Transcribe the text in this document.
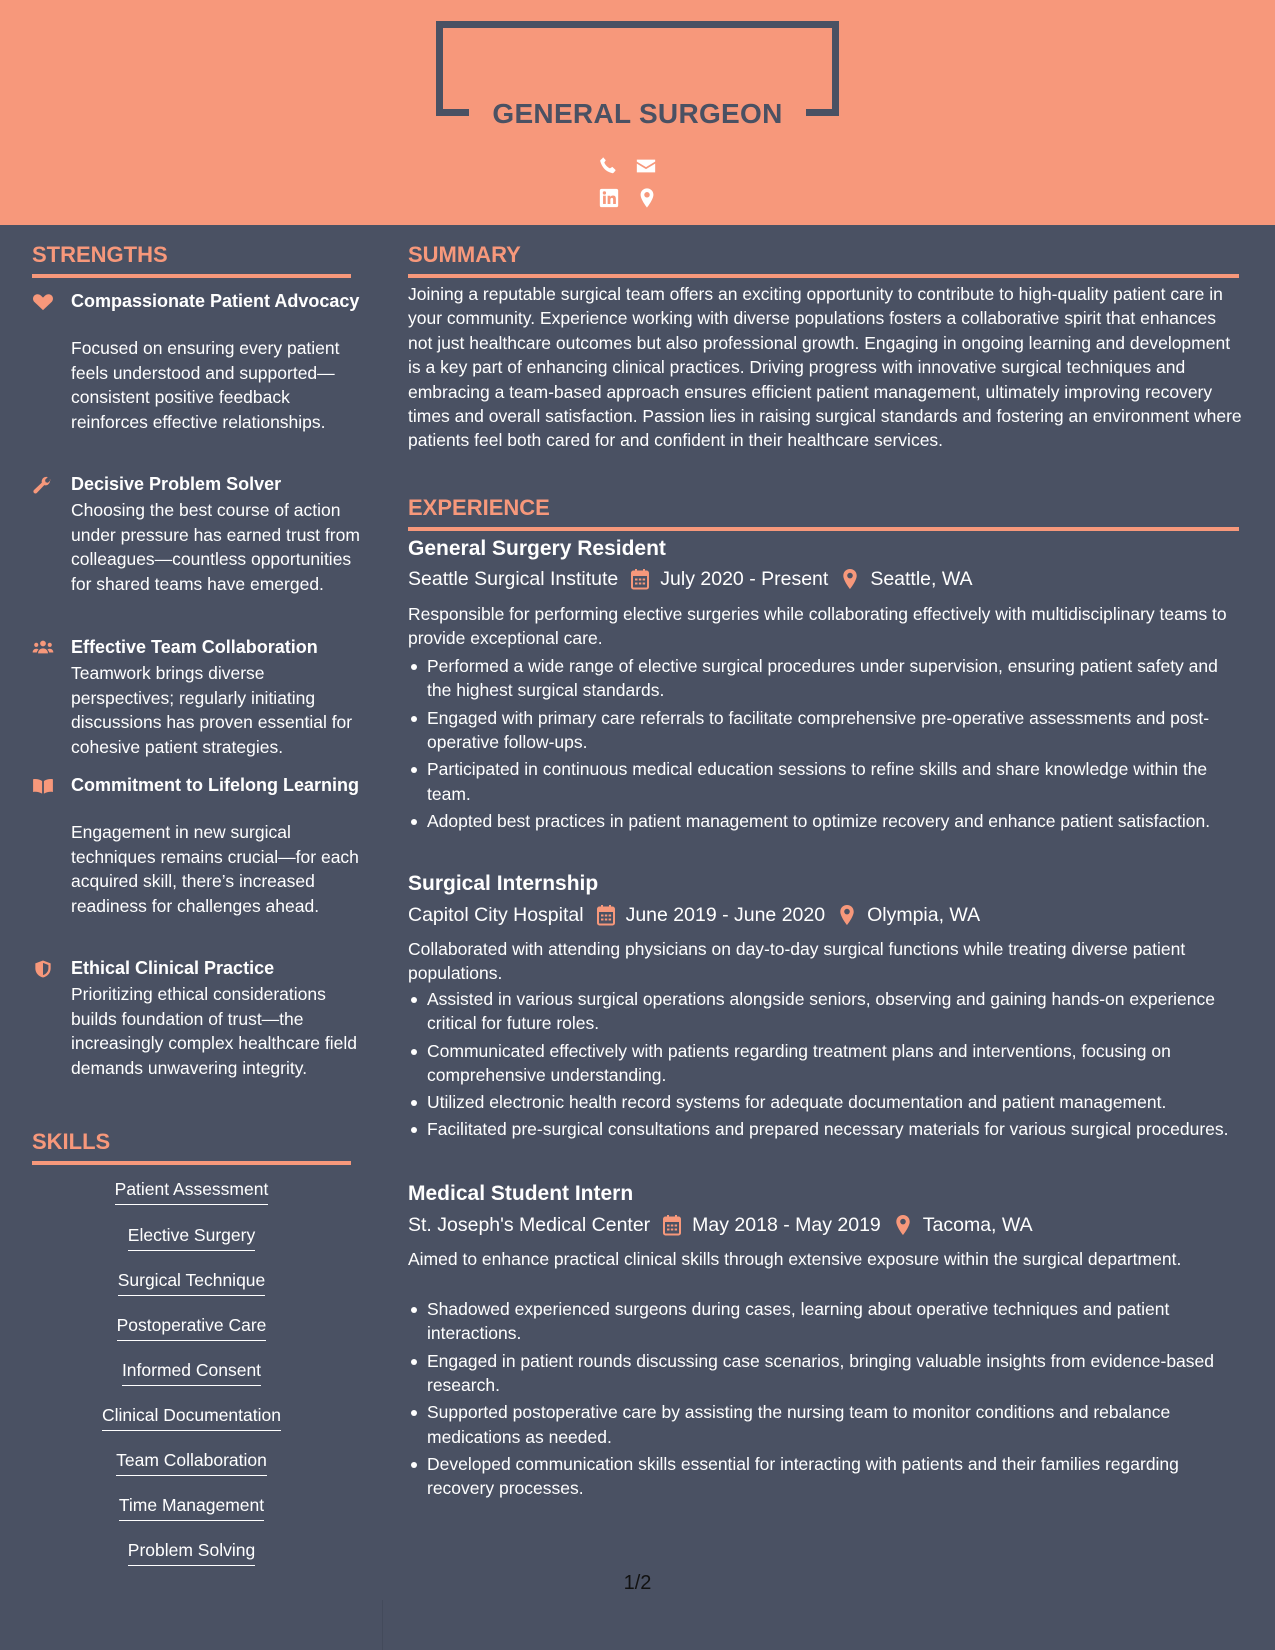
GENERAL SURGEON
STRENGTHS
Compassionate Patient Advocacy
Focused on ensuring every patient feels understood and supported—consistent positive feedback reinforces effective relationships.
Decisive Problem Solver
Choosing the best course of action under pressure has earned trust from colleagues—countless opportunities for shared teams have emerged.
Effective Team Collaboration
Teamwork brings diverse perspectives; regularly initiating discussions has proven essential for cohesive patient strategies.
Commitment to Lifelong Learning
Engagement in new surgical techniques remains crucial—for each acquired skill, there’s increased readiness for challenges ahead.
Ethical Clinical Practice
Prioritizing ethical considerations builds foundation of trust—the increasingly complex healthcare field demands unwavering integrity.
SKILLS
Patient Assessment
Elective Surgery
Surgical Technique
Postoperative Care
Informed Consent
Clinical Documentation
Team Collaboration
Time Management
Problem Solving
SUMMARY
Joining a reputable surgical team offers an exciting opportunity to contribute to high-quality patient care in your community. Experience working with diverse populations fosters a collaborative spirit that enhances not just healthcare outcomes but also professional growth. Engaging in ongoing learning and development is a key part of enhancing clinical practices. Driving progress with innovative surgical techniques and embracing a team-based approach ensures efficient patient management, ultimately improving recovery times and overall satisfaction. Passion lies in raising surgical standards and fostering an environment where patients feel both cared for and confident in their healthcare services.
EXPERIENCE
General Surgery Resident
Seattle Surgical Institute July 2020 - Present Seattle, WA
Responsible for performing elective surgeries while collaborating effectively with multidisciplinary teams to provide exceptional care.
Performed a wide range of elective surgical procedures under supervision, ensuring patient safety and the highest surgical standards.
Engaged with primary care referrals to facilitate comprehensive pre-operative assessments and post-operative follow-ups.
Participated in continuous medical education sessions to refine skills and share knowledge within the team.
Adopted best practices in patient management to optimize recovery and enhance patient satisfaction.
Surgical Internship
Capitol City Hospital June 2019 - June 2020 Olympia, WA
Collaborated with attending physicians on day-to-day surgical functions while treating diverse patient populations.
Assisted in various surgical operations alongside seniors, observing and gaining hands-on experience critical for future roles.
Communicated effectively with patients regarding treatment plans and interventions, focusing on comprehensive understanding.
Utilized electronic health record systems for adequate documentation and patient management.
Facilitated pre-surgical consultations and prepared necessary materials for various surgical procedures.
Medical Student Intern
St. Joseph's Medical Center May 2018 - May 2019 Tacoma, WA
Aimed to enhance practical clinical skills through extensive exposure within the surgical department.
Shadowed experienced surgeons during cases, learning about operative techniques and patient interactions.
Engaged in patient rounds discussing case scenarios, bringing valuable insights from evidence-based research.
Supported postoperative care by assisting the nursing team to monitor conditions and rebalance medications as needed.
Developed communication skills essential for interacting with patients and their families regarding recovery processes.
1/2
